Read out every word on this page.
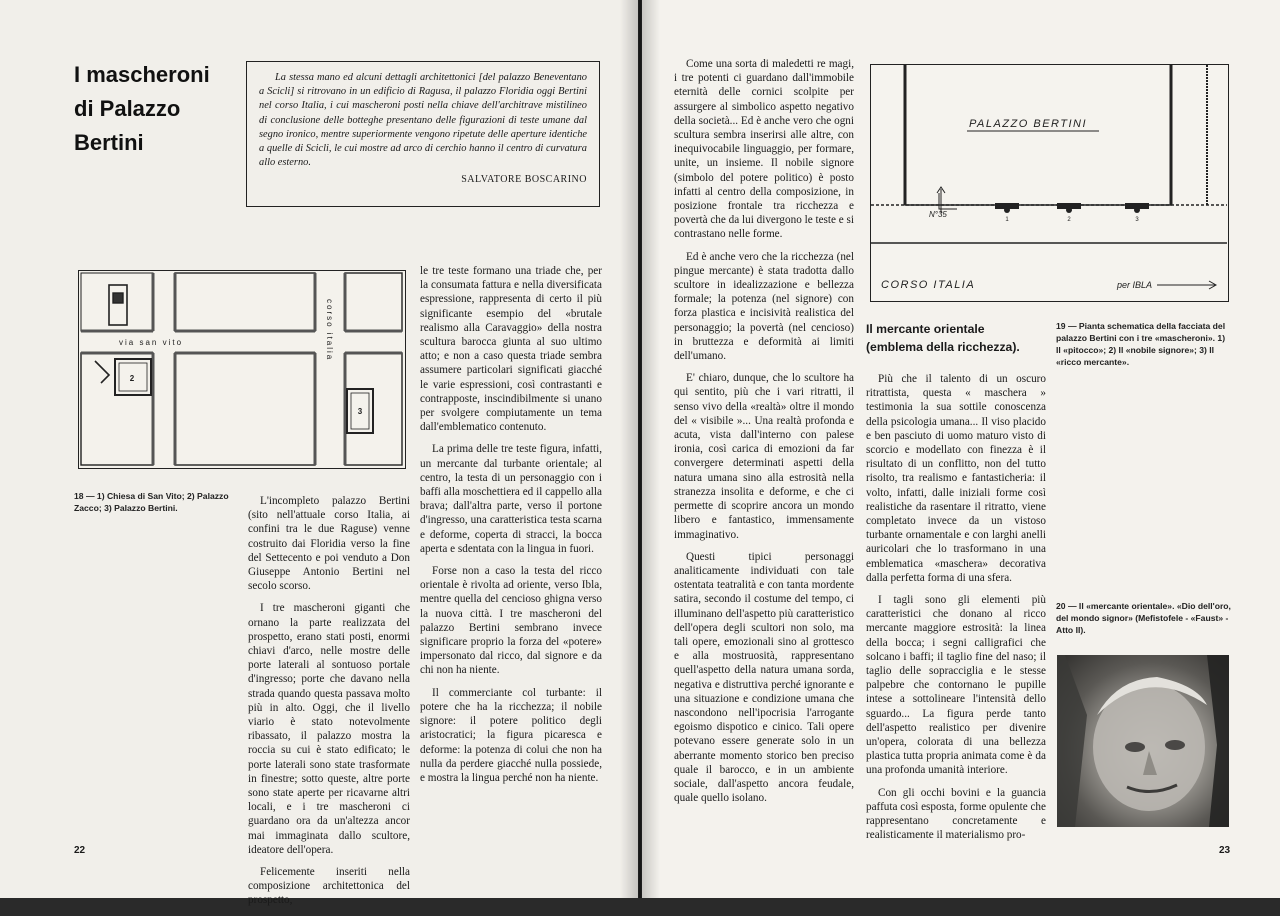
I mascheroni
di Palazzo
Bertini

La stessa mano ed alcuni dettagli architettonici [del palazzo Beneventano a Scicli] si ritrovano in un edificio di Ragusa, il palazzo Floridia oggi Bertini nel corso Italia, i cui mascheroni posti nella chiave dell'architrave mistilineo di conclusione delle botteghe presentano delle figurazioni di teste umane dal segno ironico, mentre superiormente vengono ripetute delle aperture identiche a quelle di Scicli, le cui mostre ad arco di cerchio hanno il centro di curvatura allo esterno.

SALVATORE BOSCARINO
via san vito	corso italia
2
3
18 — 1) Chiesa di San Vito; 2) Palazzo Zacco; 3) Palazzo Bertini.

L'incompleto palazzo Bertini (sito nell'attuale corso Italia, ai confini tra le due Raguse) venne costruito dai Floridia verso la fine del Settecento e poi venduto a Don Giuseppe Antonio Bertini nel secolo scorso.

I tre mascheroni giganti che ornano la parte realizzata del prospetto, erano stati posti, enormi chiavi d'arco, nelle mostre delle porte laterali al sontuoso portale d'ingresso; porte che davano nella strada quando questa passava molto più in alto. Oggi, che il livello viario è stato notevolmente ribassato, il palazzo mostra la roccia su cui è stato edificato; le porte laterali sono state trasformate in finestre; sotto queste, altre porte sono state aperte per ricavarne altri locali, e i tre mascheroni ci guardano ora da un'altezza ancor mai immaginata dallo scultore, ideatore dell'opera.

Felicemente inseriti nella composizione architettonica del prospetto,

le tre teste formano una triade che, per la consumata fattura e nella diversificata espressione, rappresenta di certo il più significante esempio del «brutale realismo alla Caravaggio» della nostra scultura barocca giunta al suo ultimo atto; e non a caso questa triade sembra assumere particolari significati giacché le varie espressioni, così contrastanti e contrapposte, inscindibilmente si unano per svolgere compiutamente un tema dall'emblematico contenuto.

La prima delle tre teste figura, infatti, un mercante dal turbante orientale; al centro, la testa di un personaggio con i baffi alla moschettiera ed il cappello alla brava; dall'altra parte, verso il portone d'ingresso, una caratteristica testa scarna e deforme, coperta di stracci, la bocca aperta e sdentata con la lingua in fuori.

Forse non a caso la testa del ricco orientale è rivolta ad oriente, verso Ibla, mentre quella del cencioso ghigna verso la nuova città. I tre mascheroni del palazzo Bertini sembrano invece significare proprio la forza del «potere» impersonato dal ricco, dal signore e da chi non ha niente.

Il commerciante col turbante: il potere che ha la ricchezza; il nobile signore: il potere politico degli aristocratici; la figura picaresca e deforme: la potenza di colui che non ha nulla da perdere giacché nulla possiede, e mostra la lingua perché non ha niente.

22

Come una sorta di maledetti re magi, i tre potenti ci guardano dall'immobile eternità delle cornici scolpite per assurgere al simbolico aspetto negativo della società... Ed è anche vero che ogni scultura sembra inserirsi alle altre, con inequivocabile linguaggio, per formare, unite, un insieme. Il nobile signore (simbolo del potere politico) è posto infatti al centro della composizione, in posizione frontale tra ricchezza e povertà che da lui divergono le teste e si contrastano nelle forme.

Ed è anche vero che la ricchezza (nel pingue mercante) è stata tradotta dallo scultore in idealizzazione e bellezza formale; la potenza (nel signore) con forza plastica e incisività realistica del personaggio; la povertà (nel cencioso) in bruttezza e deformità ai limiti dell'umano.

E' chiaro, dunque, che lo scultore ha qui sentito, più che i vari ritratti, il senso vivo della «realtà» oltre il mondo del « visibile »... Una realtà profonda e acuta, vista dall'interno con palese ironia, così carica di emozioni da far convergere determinati aspetti della natura umana sino alla estrosità nella stranezza insolita e deforme, e che ci permette di scoprire ancora un mondo libero e fantastico, immensamente immaginativo.

Questi tipici personaggi analiticamente individuati con tale ostentata teatralità e con tanta mordente satira, secondo il costume del tempo, ci illuminano dell'aspetto più caratteristico dell'opera degli scultori non solo, ma tali opere, emozionali sino al grottesco e alla mostruosità, rappresentano quell'aspetto della natura umana sorda, negativa e distruttiva perché ignorante e una situazione e condizione umana che nascondono nell'ipocrisia l'arrogante egoismo dispotico e cinico. Tali opere potevano essere generate solo in un aberrante momento storico ben preciso quale il barocco, e in un ambiente sociale, dall'aspetto ancora feudale, quale quello isolano.

Il mercante orientale
(emblema della ricchezza).

Più che il talento di un oscuro ritrattista, questa « maschera » testimonia la sua sottile conoscenza della psicologia umana... Il viso placido e ben pasciuto di uomo maturo visto di scorcio e modellato con finezza è il risultato di un conflitto, non del tutto risolto, tra realismo e fantasticheria: il volto, infatti, dalle iniziali forme così realistiche da rasentare il ritratto, viene completato invece da un vistoso turbante ornamentale e con larghi anelli auricolari che lo trasformano in una emblematica «maschera» decorativa dalla perfetta forma di una sfera.

I tagli sono gli elementi più caratteristici che donano al ricco mercante maggiore estrosità: la linea della bocca; i segni calligrafici che solcano i baffi; il taglio fine del naso; il taglio delle sopracciglia e le stesse palpebre che contornano le pupille intese a sottolineare l'intensità dello sguardo... La figura perde tanto dell'aspetto realistico per divenire un'opera, colorata di una bellezza plastica tutta propria animata come è da una profonda umanità interiore.

Con gli occhi bovini e la guancia paffuta così esposta, forme opulente che rappresentano concretamente e realisticamente il materialismo pro-

19 — Pianta schematica della facciata del palazzo Bertini con i tre «mascheroni». 1) Il «pitocco»; 2) Il «nobile signore»; 3) Il «ricco mercante».
20 — Il «mercante orientale». «Dio dell'oro, del mondo signor» (Mefistofele - «Faust» - Atto II).
23
PALAZZO BERTINI
N°35
1	2	3
CORSO ITALIA	per IBLA
